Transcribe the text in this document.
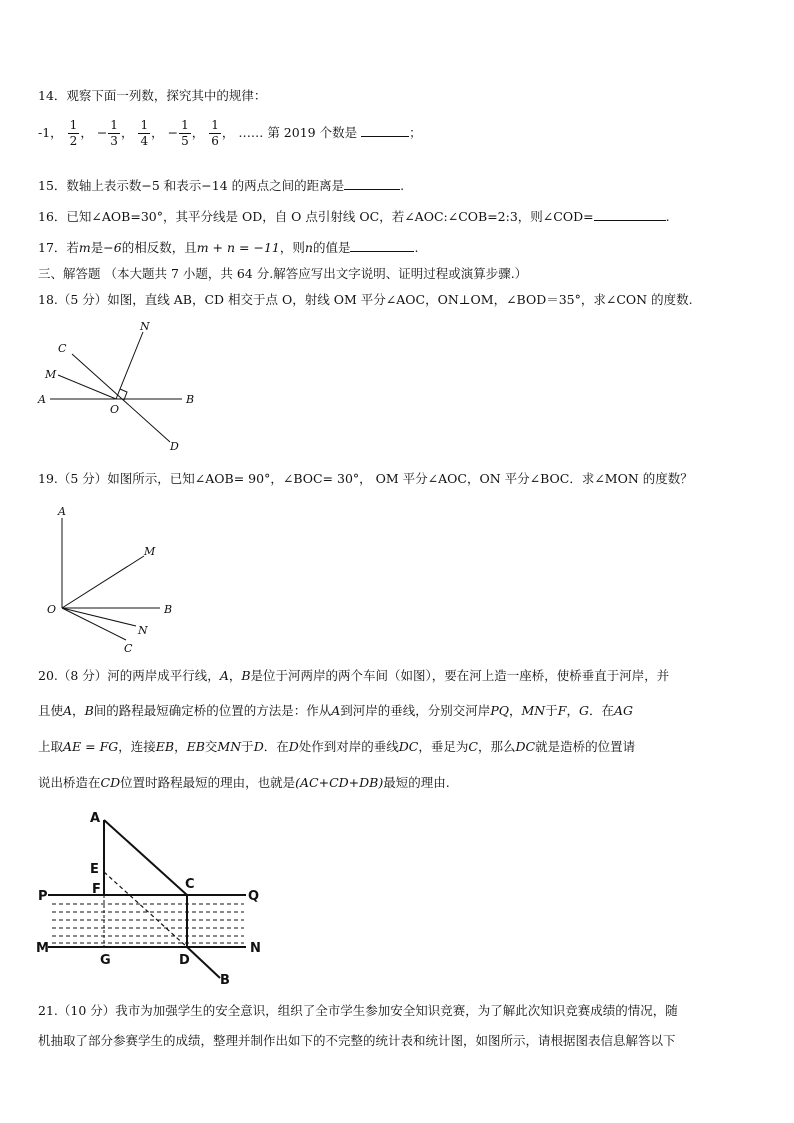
14．观察下面一列数，探究其中的规律：
-1， $\frac{1}{2}$ ， − $\frac{1}{3}$ ， $\frac{1}{4}$ ， − $\frac{1}{5}$ ， $\frac{1}{6}$ ， …… 第 2019 个数是	；
15．数轴上表示数−5 和表示−14 的两点之间的距离是	.
16．已知∠AOB=30°，其平分线是 OD，自 O 点引射线 OC，若∠AOC:∠COB=2:3，则∠COD=	.
17．若m是−6的相反数，且m + n = −11，则n的值是	.
三、解答题 （本大题共 7 小题，共 64 分.解答应写出文字说明、证明过程或演算步骤.）
18.（5 分）如图，直线 AB，CD 相交于点 O，射线 OM 平分∠AOC，ON⊥OM，∠BOD＝35°，求∠CON 的度数.
C
M
N
A
O
B
D
19.（5 分）如图所示，已知∠AOB= 90°，∠BOC= 30°， OM 平分∠AOC，ON 平分∠BOC．求∠MON 的度数？
A
M
O	B
N
C
20.（8 分）河的两岸成平行线，A，B是位于河两岸的两个车间（如图），要在河上造一座桥，使桥垂直于河岸，并
且使A，B间的路程最短确定桥的位置的方法是：作从A到河岸的垂线，分别交河岸PQ，MN于F，G．在AG
上取AE = FG，连接EB，EB交MN于D．在D处作到对岸的垂线DC，垂足为C，那么DC就是造桥的位置请
说出桥造在CD位置时路程最短的理由，也就是(AC+CD+DB)最短的理由.
A
E
F	C
P	Q
M	N
G	D
B
21.（10 分）我市为加强学生的安全意识，组织了全市学生参加安全知识竞赛，为了解此次知识竞赛成绩的情况，随
机抽取了部分参赛学生的成绩，整理并制作出如下的不完整的统计表和统计图，如图所示，请根据图表信息解答以下
